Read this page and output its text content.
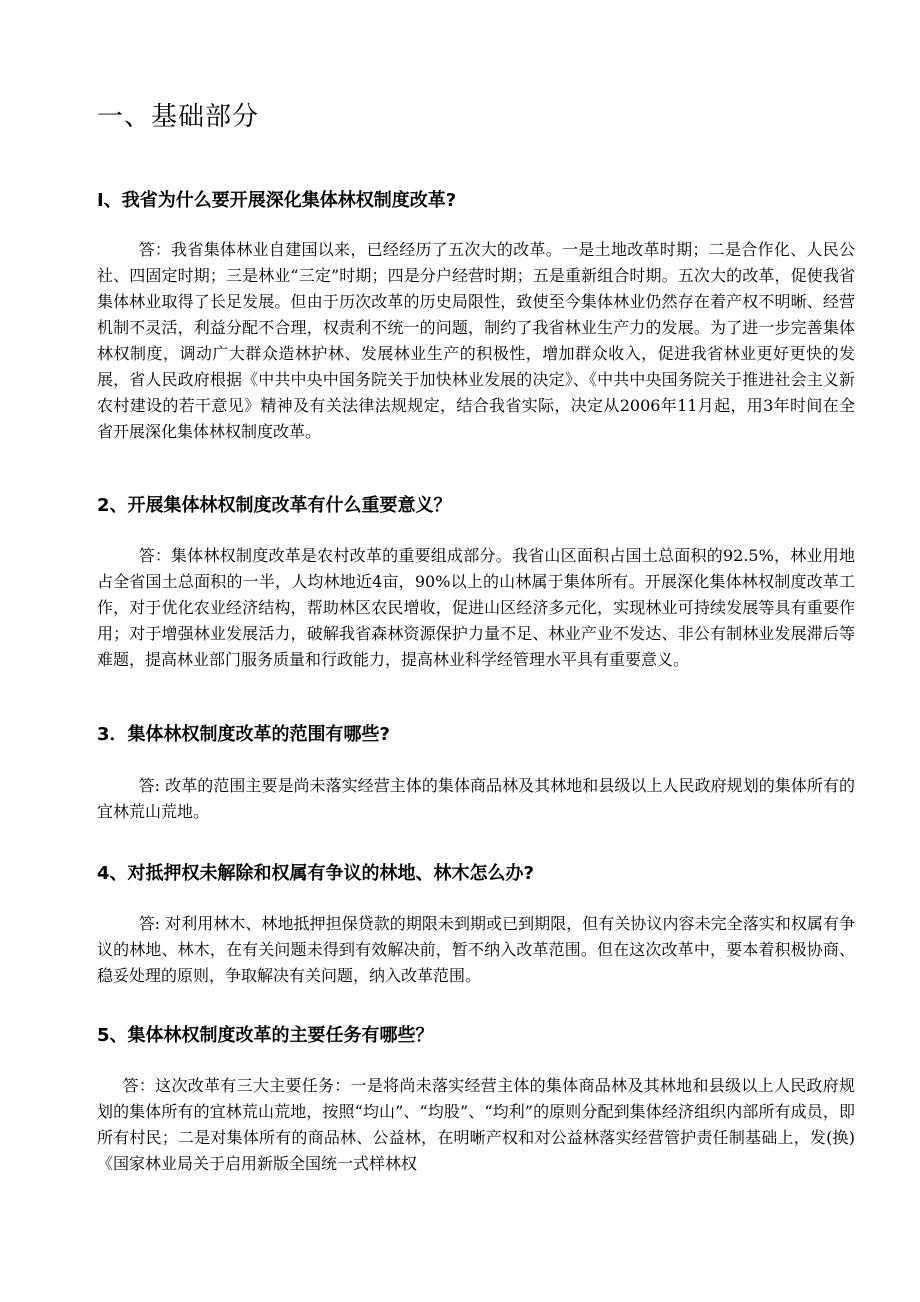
一、基础部分
I、我省为什么要开展深化集体林权制度改革?

答：我省集体林业自建国以来，已经经历了五次大的改革。一是土地改革时期；二是合作化、人民公社、四固定时期；三是林业“三定”时期；四是分户经营时期；五是重新组合时期。五次大的改革，促使我省集体林业取得了长足发展。但由于历次改革的历史局限性，致使至今集体林业仍然存在着产权不明晰、经营机制不灵活，利益分配不合理，权责利不统一的问题，制约了我省林业生产力的发展。为了进一步完善集体林权制度，调动广大群众造林护林、发展林业生产的积极性，增加群众收入，促进我省林业更好更快的发展，省人民政府根据《中共中央中国务院关于加快林业发展的决定》、《中共中央国务院关于推进社会主义新农村建设的若干意见》精神及有关法律法规规定，结合我省实际，决定从2006年11月起，用3年时间在全省开展深化集体林权制度改革。

2、开展集体林权制度改革有什么重要意义？

答：集体林权制度改革是农村改革的重要组成部分。我省山区面积占国土总面积的92.5%，林业用地占全省国土总面积的一半，人均林地近4亩，90%以上的山林属于集体所有。开展深化集体林权制度改革工作，对于优化农业经济结构，帮助林区农民增收，促进山区经济多元化，实现林业可持续发展等具有重要作用；对于增强林业发展活力，破解我省森林资源保护力量不足、林业产业不发达、非公有制林业发展滞后等难题，提高林业部门服务质量和行政能力，提高林业科学经管理水平具有重要意义。

3．集体林权制度改革的范围有哪些?

答: 改革的范围主要是尚未落实经营主体的集体商品林及其林地和县级以上人民政府规划的集体所有的宜林荒山荒地。

4、对抵押权未解除和权属有争议的林地、林木怎么办?

答: 对利用林木、林地抵押担保贷款的期限未到期或已到期限，但有关协议内容未完全落实和权属有争议的林地、林木，在有关问题未得到有效解决前，暂不纳入改革范围。但在这次改革中，要本着积极协商、稳妥处理的原则，争取解决有关问题，纳入改革范围。

5、集体林权制度改革的主要任务有哪些？

答：这次改革有三大主要任务：一是将尚未落实经营主体的集体商品林及其林地和县级以上人民政府规划的集体所有的宜林荒山荒地，按照“均山”、“均股”、“均利”的原则分配到集体经济组织内部所有成员，即所有村民；二是对集体所有的商品林、公益林，在明晰产权和对公益林落实经营管护责任制基础上，发(换)《国家林业局关于启用新版全国统一式样林权
